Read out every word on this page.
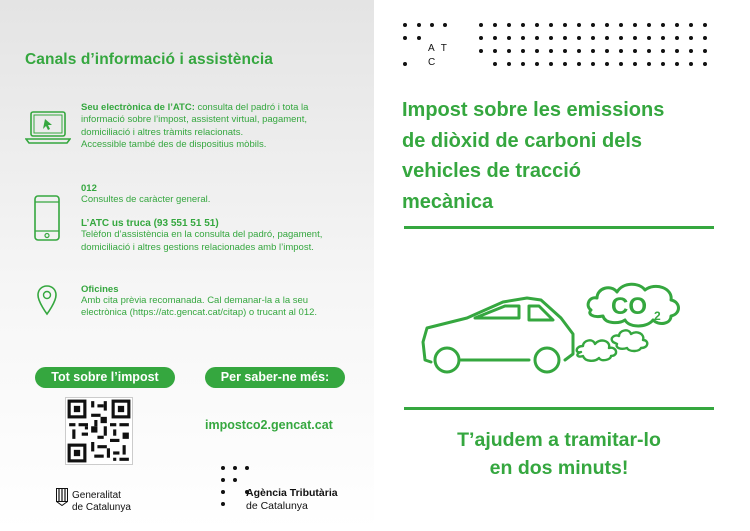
Canals d’informació i assistència
Seu electrònica de l’ATC: consulta del padró i tota la
informació sobre l’impost, assistent virtual, pagament,
domiciliació i altres tràmits relacionats.
Accessible també des de dispositius mòbils.
012
Consultes de caràcter general.
L’ATC us truca (93 551 51 51)
Telèfon d’assistència en la consulta del padró, pagament,
domiciliació i altres gestions relacionades amb l’impost.
Oficines
Amb cita prèvia recomanada. Cal demanar-la a la seu
electrònica (https://atc.gencat.cat/citap) o trucant al 012.
Tot sobre l’impost	Per saber-ne més:
impostco2.gencat.cat
Generalitat
de Catalunya
Agència Tributària
de Catalunya
A T
C
Impost sobre les emissions
de diòxid de carboni dels
vehicles de tracció
mecànica
CO 2
T’ajudem a tramitar-lo
en dos minuts!
